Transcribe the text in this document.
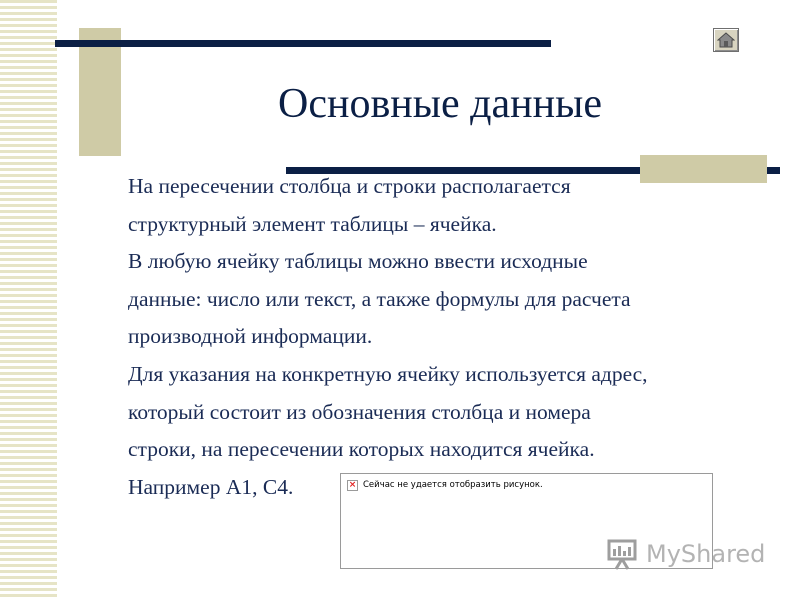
Основные данные

На пересечении столбца и строки располагается

структурный элемент таблицы – ячейка.

В любую ячейку таблицы можно ввести исходные

данные: число или текст, а также формулы для расчета

производной информации.

Для указания на конкретную ячейку используется адрес,

который состоит из обозначения столбца и номера

строки, на пересечении которых находится ячейка.

Например А1, С4.	× Сейчас не удается отобразить рисунок.
MyShared
